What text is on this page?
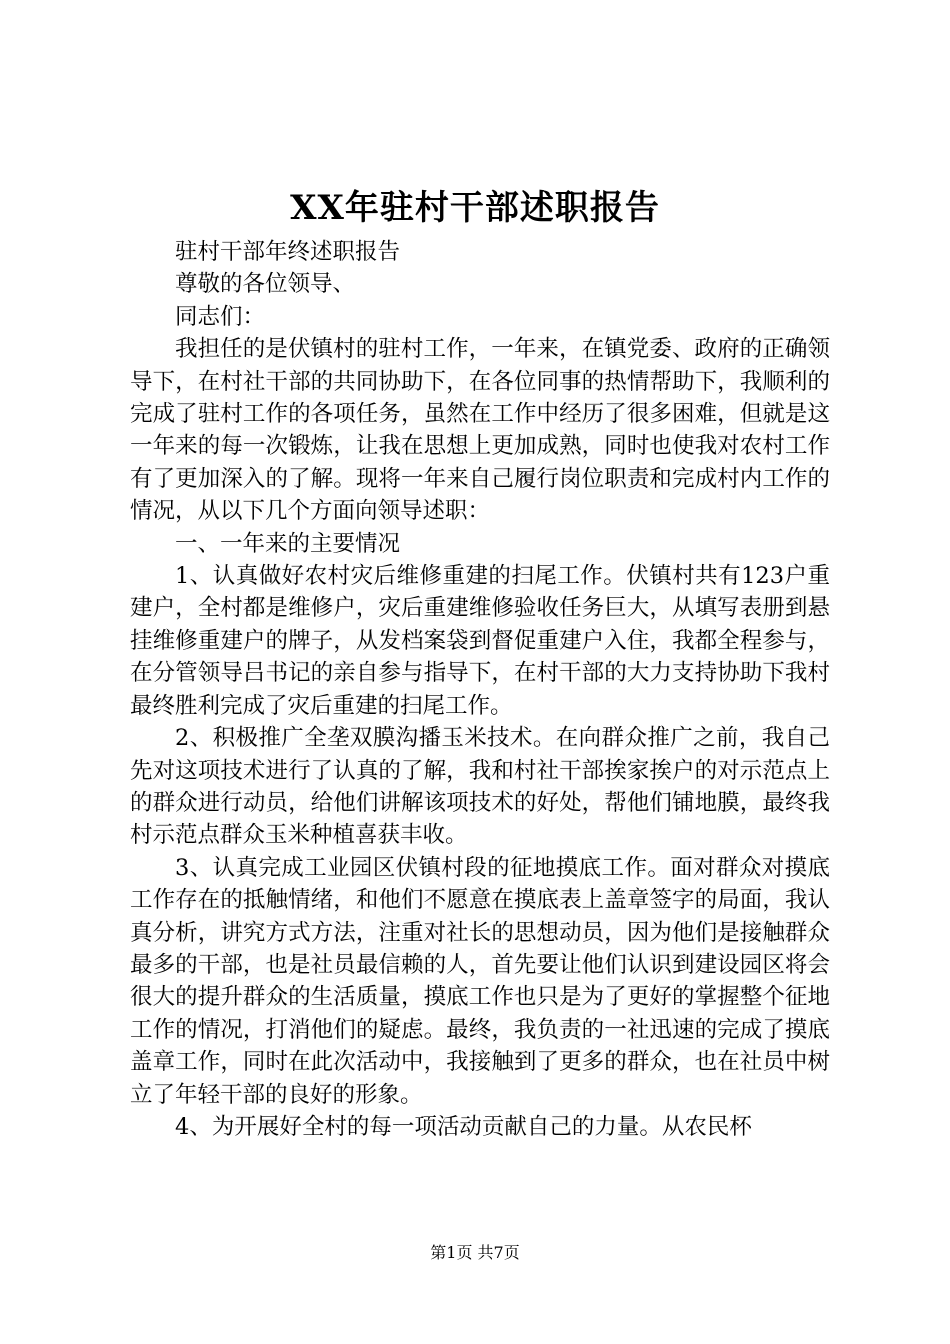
XX年驻村干部述职报告

驻村干部年终述职报告

尊敬的各位领导、

同志们：

我担任的是伏镇村的驻村工作，一年来，在镇党委、政府的正确领导下，在村社干部的共同协助下，在各位同事的热情帮助下，我顺利的完成了驻村工作的各项任务，虽然在工作中经历了很多困难，但就是这一年来的每一次锻炼，让我在思想上更加成熟，同时也使我对农村工作有了更加深入的了解。现将一年来自己履行岗位职责和完成村内工作的情况，从以下几个方面向领导述职：

一、一年来的主要情况

1、认真做好农村灾后维修重建的扫尾工作。伏镇村共有123户重建户，全村都是维修户，灾后重建维修验收任务巨大，从填写表册到悬挂维修重建户的牌子，从发档案袋到督促重建户入住，我都全程参与，在分管领导吕书记的亲自参与指导下，在村干部的大力支持协助下我村最终胜利完成了灾后重建的扫尾工作。

2、积极推广全垄双膜沟播玉米技术。在向群众推广之前，我自己先对这项技术进行了认真的了解，我和村社干部挨家挨户的对示范点上的群众进行动员，给他们讲解该项技术的好处，帮他们铺地膜，最终我村示范点群众玉米种植喜获丰收。

3、认真完成工业园区伏镇村段的征地摸底工作。面对群众对摸底工作存在的抵触情绪，和他们不愿意在摸底表上盖章签字的局面，我认真分析，讲究方式方法，注重对社长的思想动员，因为他们是接触群众最多的干部，也是社员最信赖的人，首先要让他们认识到建设园区将会很大的提升群众的生活质量，摸底工作也只是为了更好的掌握整个征地工作的情况，打消他们的疑虑。最终，我负责的一社迅速的完成了摸底盖章工作，同时在此次活动中，我接触到了更多的群众，也在社员中树立了年轻干部的良好的形象。

4、为开展好全村的每一项活动贡献自己的力量。从农民杯

第1页 共7页
